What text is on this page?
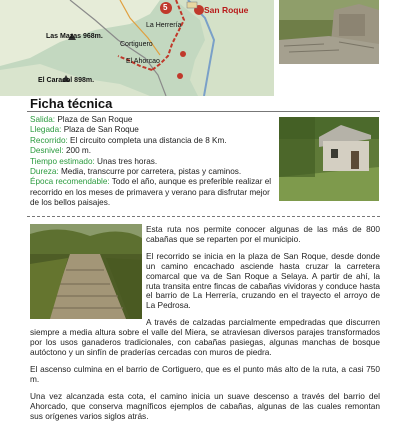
San Roque
La Herrería
Las Mazas 968m.
Cortiguero
El Ahorcao
El Caracol 898m.
5
Ficha técnica
Salida: Plaza de San Roque
Llegada: Plaza de San Roque
Recorrido: El circuito completa una distancia de 8 Km.
Desnivel: 200 m.
Tiempo estimado: Unas tres horas.
Dureza: Media, transcurre por carretera, pistas y caminos.
Época recomendable: Todo el año, aunque es preferible realizar el recorrido en los meses de primavera y verano para disfrutar mejor de los bellos paisajes.

Esta ruta nos permite conocer algunas de las más de 800 cabañas que se reparten por el municipio.

El recorrido se inicia en la plaza de San Roque, desde donde un camino encachado asciende hasta cruzar la carretera comarcal que va de San Roque a Selaya. A partir de ahí, la ruta transita entre fincas de cabañas vividoras y conduce hasta el barrio de La Herrería, cruzando en el trayecto el arroyo de La Pedrosa.

A través de calzadas parcialmente empedradas que discurren siempre a media altura sobre el valle del Miera, se atraviesan diversos parajes transformados por los usos ganaderos tradicionales, con cabañas pasiegas, algunas manchas de bosque autóctono y un sinfín de praderías cercadas con muros de piedra.

El ascenso culmina en el barrio de Cortiguero, que es el punto más alto de la ruta, a casi 750 m.

Una vez alcanzada esta cota, el camino inicia un suave descenso a través del barrio del Ahorcado, que conserva magníficos ejemplos de cabañas, algunas de las cuales remontan sus orígenes varios siglos atrás.
